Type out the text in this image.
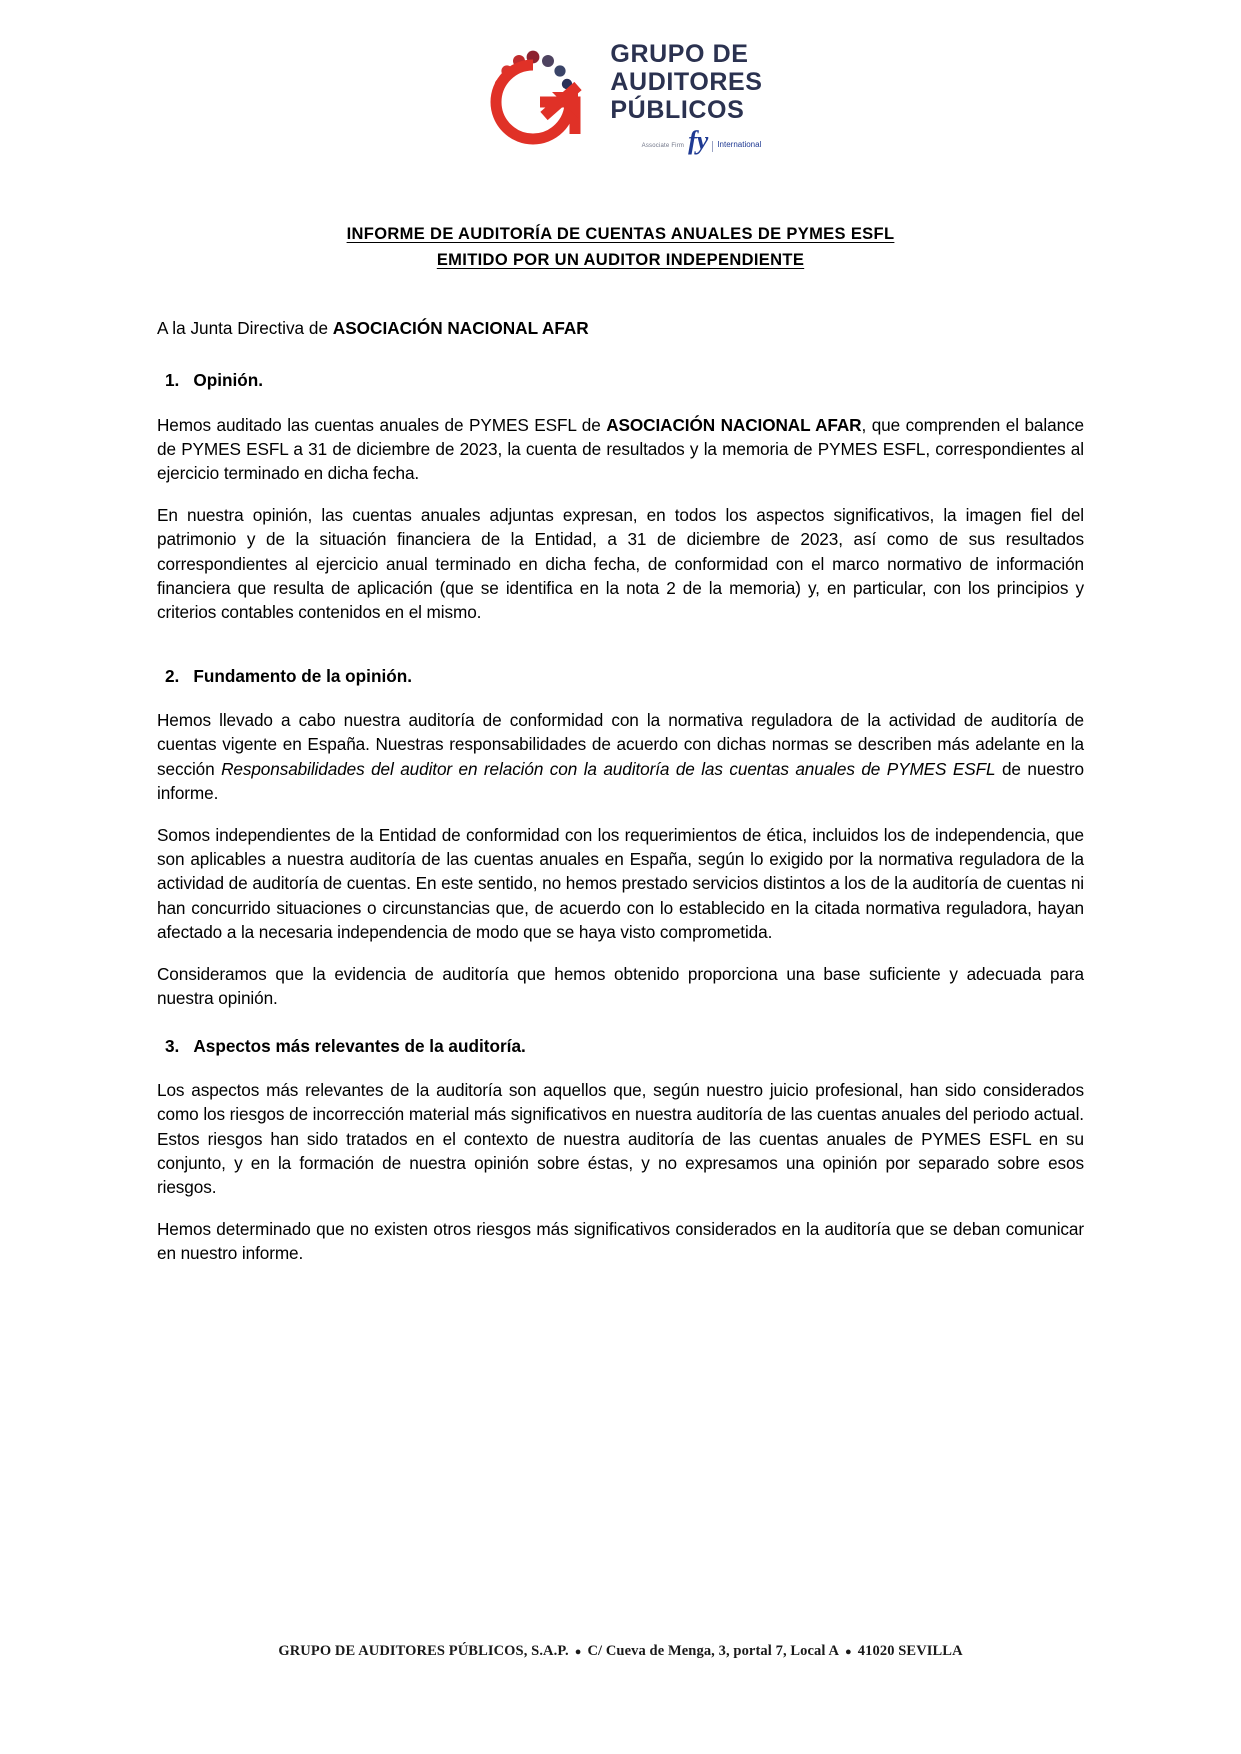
GRUPO DE
AUDITORES
PÚBLICOS
Associate Firm fy	International
INFORME DE AUDITORÍA DE CUENTAS ANUALES DE PYMES ESFL
EMITIDO POR UN AUDITOR INDEPENDIENTE

A la Junta Directiva de ASOCIACIÓN NACIONAL AFAR

1. Opinión.

Hemos auditado las cuentas anuales de PYMES ESFL de ASOCIACIÓN NACIONAL AFAR, que comprenden el balance de PYMES ESFL a 31 de diciembre de 2023, la cuenta de resultados y la memoria de PYMES ESFL, correspondientes al ejercicio terminado en dicha fecha.

En nuestra opinión, las cuentas anuales adjuntas expresan, en todos los aspectos significativos, la imagen fiel del patrimonio y de la situación financiera de la Entidad, a 31 de diciembre de 2023, así como de sus resultados correspondientes al ejercicio anual terminado en dicha fecha, de conformidad con el marco normativo de información financiera que resulta de aplicación (que se identifica en la nota 2 de la memoria) y, en particular, con los principios y criterios contables contenidos en el mismo.

2. Fundamento de la opinión.

Hemos llevado a cabo nuestra auditoría de conformidad con la normativa reguladora de la actividad de auditoría de cuentas vigente en España. Nuestras responsabilidades de acuerdo con dichas normas se describen más adelante en la sección Responsabilidades del auditor en relación con la auditoría de las cuentas anuales de PYMES ESFL de nuestro informe.

Somos independientes de la Entidad de conformidad con los requerimientos de ética, incluidos los de independencia, que son aplicables a nuestra auditoría de las cuentas anuales en España, según lo exigido por la normativa reguladora de la actividad de auditoría de cuentas. En este sentido, no hemos prestado servicios distintos a los de la auditoría de cuentas ni han concurrido situaciones o circunstancias que, de acuerdo con lo establecido en la citada normativa reguladora, hayan afectado a la necesaria independencia de modo que se haya visto comprometida.

Consideramos que la evidencia de auditoría que hemos obtenido proporciona una base suficiente y adecuada para nuestra opinión.

3. Aspectos más relevantes de la auditoría.

Los aspectos más relevantes de la auditoría son aquellos que, según nuestro juicio profesional, han sido considerados como los riesgos de incorrección material más significativos en nuestra auditoría de las cuentas anuales del periodo actual. Estos riesgos han sido tratados en el contexto de nuestra auditoría de las cuentas anuales de PYMES ESFL en su conjunto, y en la formación de nuestra opinión sobre éstas, y no expresamos una opinión por separado sobre esos riesgos.

Hemos determinado que no existen otros riesgos más significativos considerados en la auditoría que se deban comunicar en nuestro informe.

GRUPO DE AUDITORES PÚBLICOS, S.A.P. ● C/ Cueva de Menga, 3, portal 7, Local A ● 41020 SEVILLA
